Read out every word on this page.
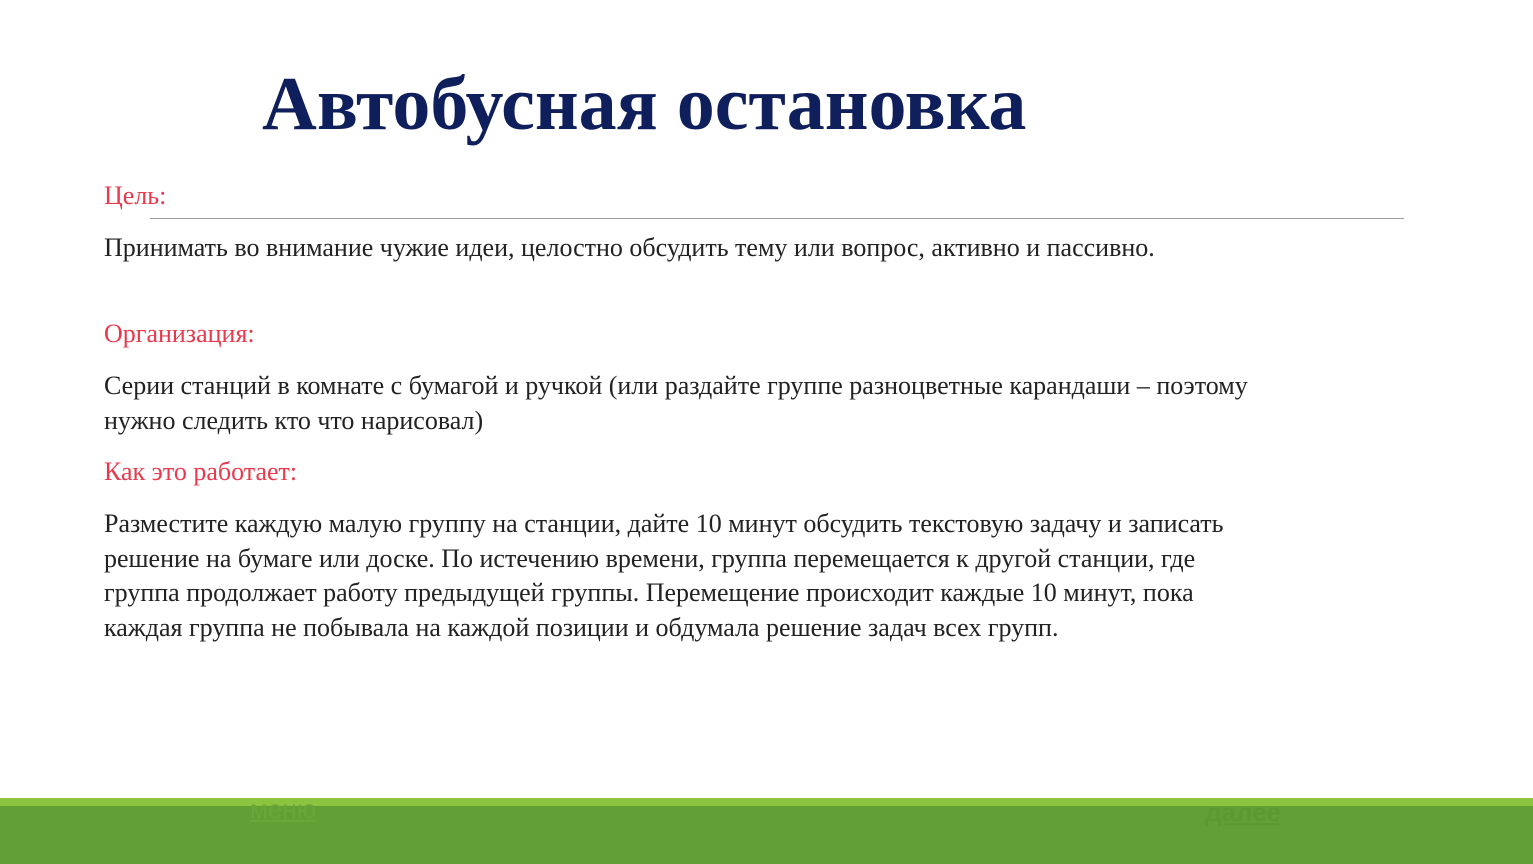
Автобусная остановка

Цель:

Принимать во внимание чужие идеи, целостно обсудить тему или вопрос, активно и пассивно.

Организация:

Серии станций в комнате с бумагой и ручкой (или раздайте группе разноцветные карандаши – поэтому нужно следить кто что нарисовал)

Как это работает:

Разместите каждую малую группу на станции, дайте 10 минут обсудить текстовую задачу и записать решение на бумаге или доске. По истечению времени, группа перемещается к другой станции, где группа продолжает работу предыдущей группы. Перемещение происходит каждые 10 минут, пока каждая группа не побывала на каждой позиции и обдумала решение задач всех групп.

меню	далее
